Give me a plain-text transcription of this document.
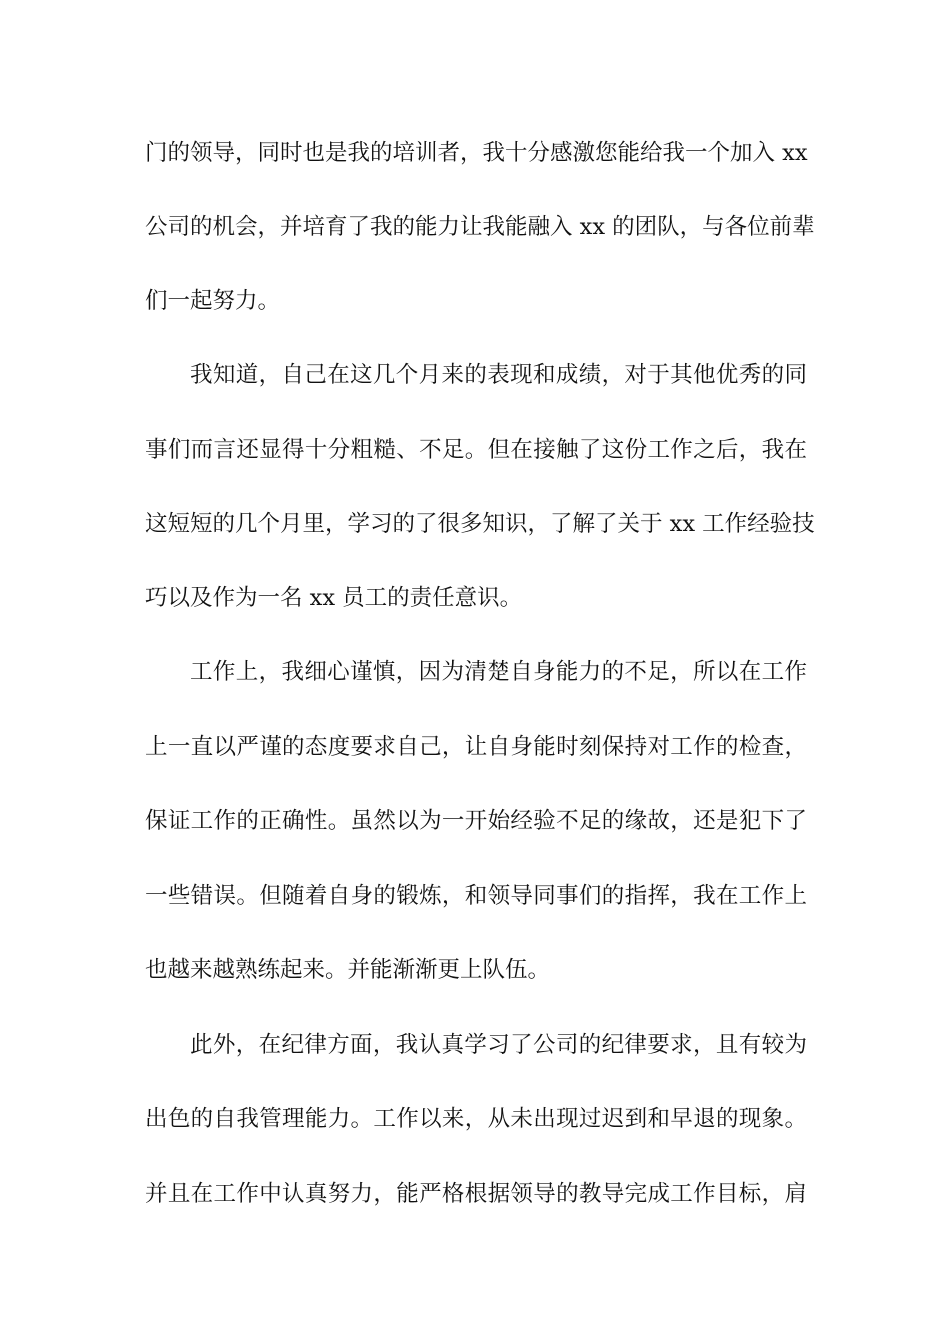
门的领导，同时也是我的培训者，我十分感激您能给我一个加入 xx
公司的机会，并培育了我的能力让我能融入 xx 的团队，与各位前辈
们一起努力。
我知道，自己在这几个月来的表现和成绩，对于其他优秀的同
事们而言还显得十分粗糙、不足。但在接触了这份工作之后，我在
这短短的几个月里，学习的了很多知识，了解了关于 xx 工作经验技
巧以及作为一名 xx 员工的责任意识。
工作上，我细心谨慎，因为清楚自身能力的不足，所以在工作
上一直以严谨的态度要求自己，让自身能时刻保持对工作的检查，
保证工作的正确性。虽然以为一开始经验不足的缘故，还是犯下了
一些错误。但随着自身的锻炼，和领导同事们的指挥，我在工作上
也越来越熟练起来。并能渐渐更上队伍。
此外，在纪律方面，我认真学习了公司的纪律要求，且有较为
出色的自我管理能力。工作以来，从未出现过迟到和早退的现象。
并且在工作中认真努力，能严格根据领导的教导完成工作目标，肩
